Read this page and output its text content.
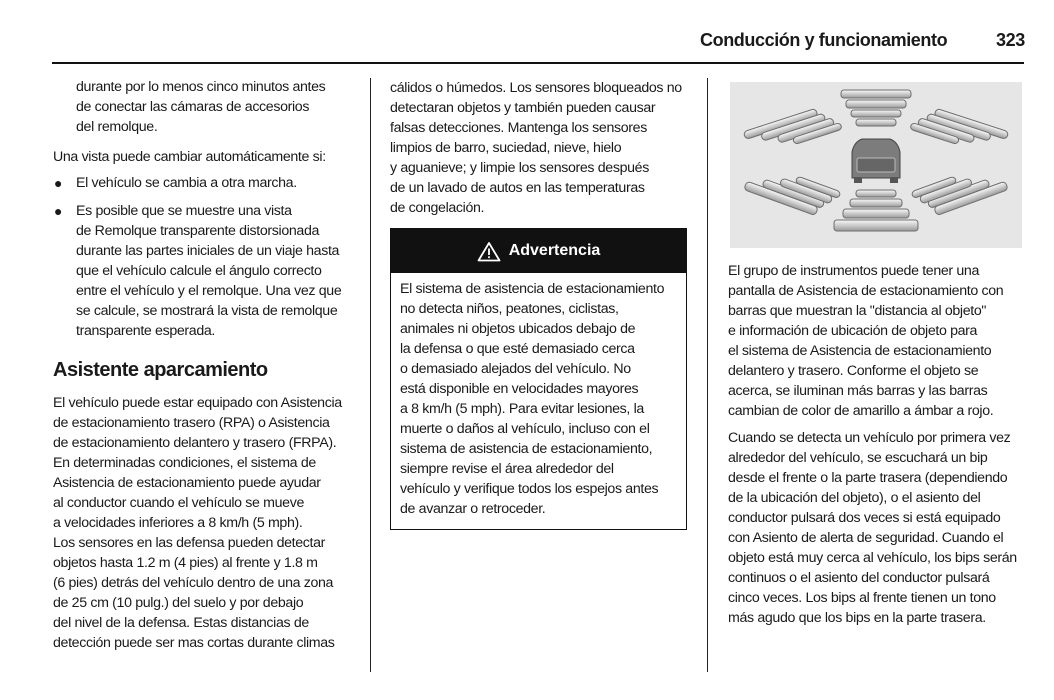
Conducción y funcionamiento	323
durante por lo menos cinco minutos antes
de conectar las cámaras de accesorios
del remolque.
Una vista puede cambiar automáticamente si:
● El vehículo se cambia a otra marcha.
● Es posible que se muestre una vista
de Remolque transparente distorsionada
durante las partes iniciales de un viaje hasta
que el vehículo calcule el ángulo correcto
entre el vehículo y el remolque. Una vez que
se calcule, se mostrará la vista de remolque
transparente esperada.
Asistente aparcamiento
El vehículo puede estar equipado con Asistencia
de estacionamiento trasero (RPA) o Asistencia
de estacionamiento delantero y trasero (FRPA).
En determinadas condiciones, el sistema de
Asistencia de estacionamiento puede ayudar
al conductor cuando el vehículo se mueve
a velocidades inferiores a 8 km/h (5 mph).
Los sensores en las defensa pueden detectar
objetos hasta 1.2 m (4 pies) al frente y 1.8 m
(6 pies) detrás del vehículo dentro de una zona
de 25 cm (10 pulg.) del suelo y por debajo
del nivel de la defensa. Estas distancias de
detección puede ser mas cortas durante climas
cálidos o húmedos. Los sensores bloqueados no
detectaran objetos y también pueden causar
falsas detecciones. Mantenga los sensores
limpios de barro, suciedad, nieve, hielo
y aguanieve; y limpie los sensores después
de un lavado de autos en las temperaturas
de congelación.
Advertencia
El sistema de asistencia de estacionamiento
no detecta niños, peatones, ciclistas,
animales ni objetos ubicados debajo de
la defensa o que esté demasiado cerca
o demasiado alejados del vehículo. No
está disponible en velocidades mayores
a 8 km/h (5 mph). Para evitar lesiones, la
muerte o daños al vehículo, incluso con el
sistema de asistencia de estacionamiento,
siempre revise el área alrededor del
vehículo y verifique todos los espejos antes
de avanzar o retroceder.
El grupo de instrumentos puede tener una
pantalla de Asistencia de estacionamiento con
barras que muestran la "distancia al objeto"
e información de ubicación de objeto para
el sistema de Asistencia de estacionamiento
delantero y trasero. Conforme el objeto se
acerca, se iluminan más barras y las barras
cambian de color de amarillo a ámbar a rojo.
Cuando se detecta un vehículo por primera vez
alrededor del vehículo, se escuchará un bip
desde el frente o la parte trasera (dependiendo
de la ubicación del objeto), o el asiento del
conductor pulsará dos veces si está equipado
con Asiento de alerta de seguridad. Cuando el
objeto está muy cerca al vehículo, los bips serán
continuos o el asiento del conductor pulsará
cinco veces. Los bips al frente tienen un tono
más agudo que los bips en la parte trasera.
